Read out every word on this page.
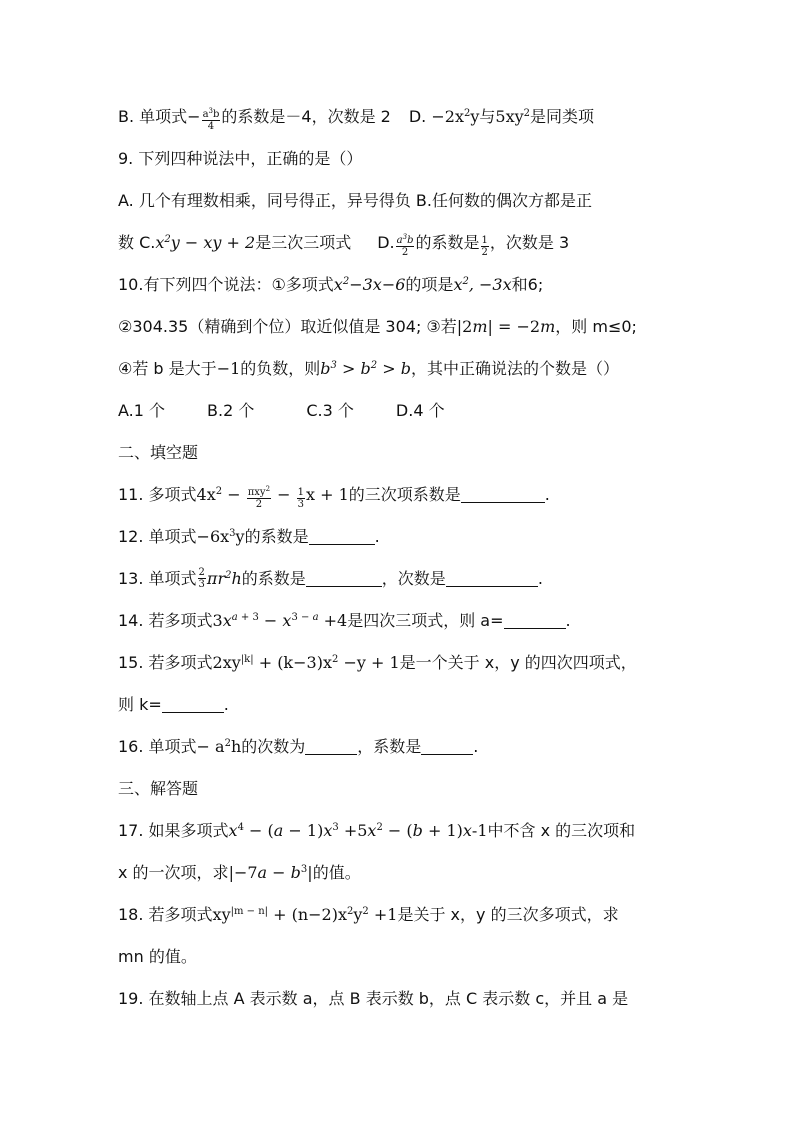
B. 单项式− $\frac{a^3b}{4}$ 的系数是－4，次数是 2 D. $-2x^2y$与$5xy^2$是同类项
9. 下列四种说法中，正确的是（）
A. 几个有理数相乘，同号得正，异号得负 B.任何数的偶次方都是正
数 $C.x^2y$ − xy + 2是三次三项式 D. $\frac{a^3b}{2}$ 的系数是 $\frac{1}{2}$ ，次数是 3
10.有下列四个说法：①多项式$x^2-3x-6$的项是$x^2$, −3x和6;
②304.35（精确到个位）取近似值是 304; ③若|2m| = −2m，则 m≤0;
④若 b 是大于−1的负数，则$b^3 > b^2 > b$，其中正确说法的个数是（）
A.1 个	B.2 个	C.3 个	D.4 个
二、填空题
11. 多项式$4x^2 - \frac{\pi xy^2}{2} - \frac{1}{3}$ x + 1的三次项系数是	.
12. 单项式$-6x^3y$的系数是	.
13. 单项式 $\frac{2}{3} \pi r^2h$的系数是	，次数是	.
14. 若多项式$3x^{a + 3} - x^{3 - a} +4$是四次三项式，则 a=	.
15. 若多项式$2xy^{|k|} + (k-3)x^2 -y + 1$是一个关于 x，y 的四次四项式，
则 k=	.
16. 单项式− $a^2h$的次数为	，系数是	.
三、解答题
17. 如果多项式$x^4 - (a - 1)x^3 +5x^2 - (b + 1)x-1$中不含 x 的三次项和
x 的一次项，求$|-7a - b^3|$的值。
18. 若多项式$xy^{|m - n|} + (n-2)x^2y^2 +1$是关于 x，y 的三次多项式，求
mn 的值。
19. 在数轴上点 A 表示数 a，点 B 表示数 b，点 C 表示数 c，并且 a 是
